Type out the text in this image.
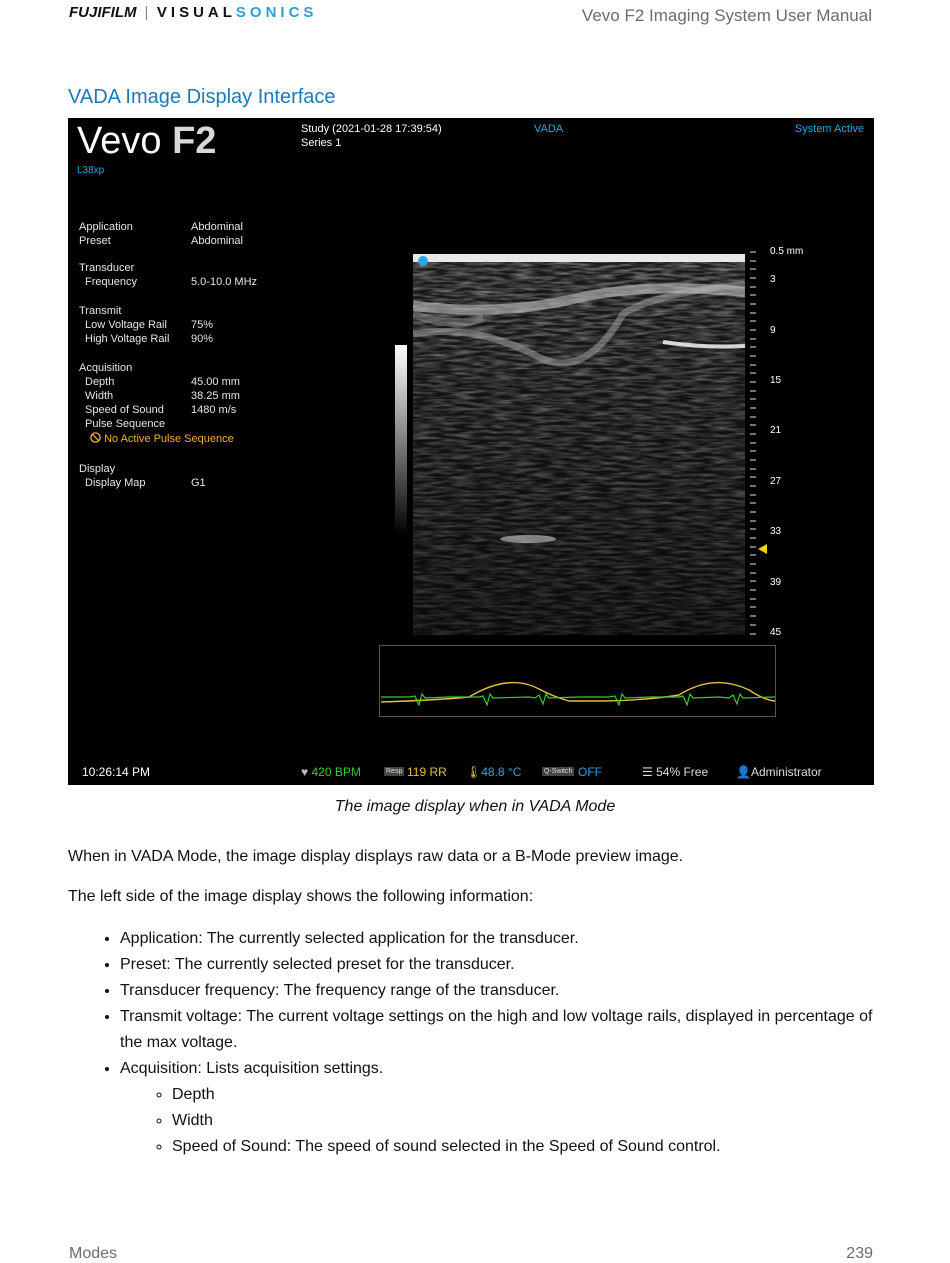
FUJIFILM | VISUALSONICS	Vevo F2 Imaging System User Manual
VADA Image Display Interface
Vevo F2
L38xp
Study (2021-01-28 17:39:54)
Series 1
VADA	System Active
Application	Abdominal
Preset	Abdominal
Transducer
Frequency	5.0-10.0 MHz
Transmit
Low Voltage Rail 75%
High Voltage Rail 90%
Acquisition
Depth	45.00 mm
Width	38.25 mm
Speed of Sound 1480 m/s
Pulse Sequence
No Active Pulse Sequence
Display
Display Map	G1
0.5 mm
3
9
15
21
27
33
39
45
10:26:14 PM	♥ 420 BPM	Resp 119 RR 🌡48.8 °C	Q-Switch OFF	☰ 54% Free 👤Administrator
The image display when in VADA Mode
When in VADA Mode, the image display displays raw data or a B-Mode preview image.
The left side of the image display shows the following information:
• Application: The currently selected application for the transducer.
• Preset: The currently selected preset for the transducer.
• Transducer frequency: The frequency range of the transducer.
• Transmit voltage: The current voltage settings on the high and low voltage rails, displayed in percentage of the max voltage.
• Acquisition: Lists acquisition settings.
◦ Depth
◦ Width
◦ Speed of Sound: The speed of sound selected in the Speed of Sound control.
Modes	239
